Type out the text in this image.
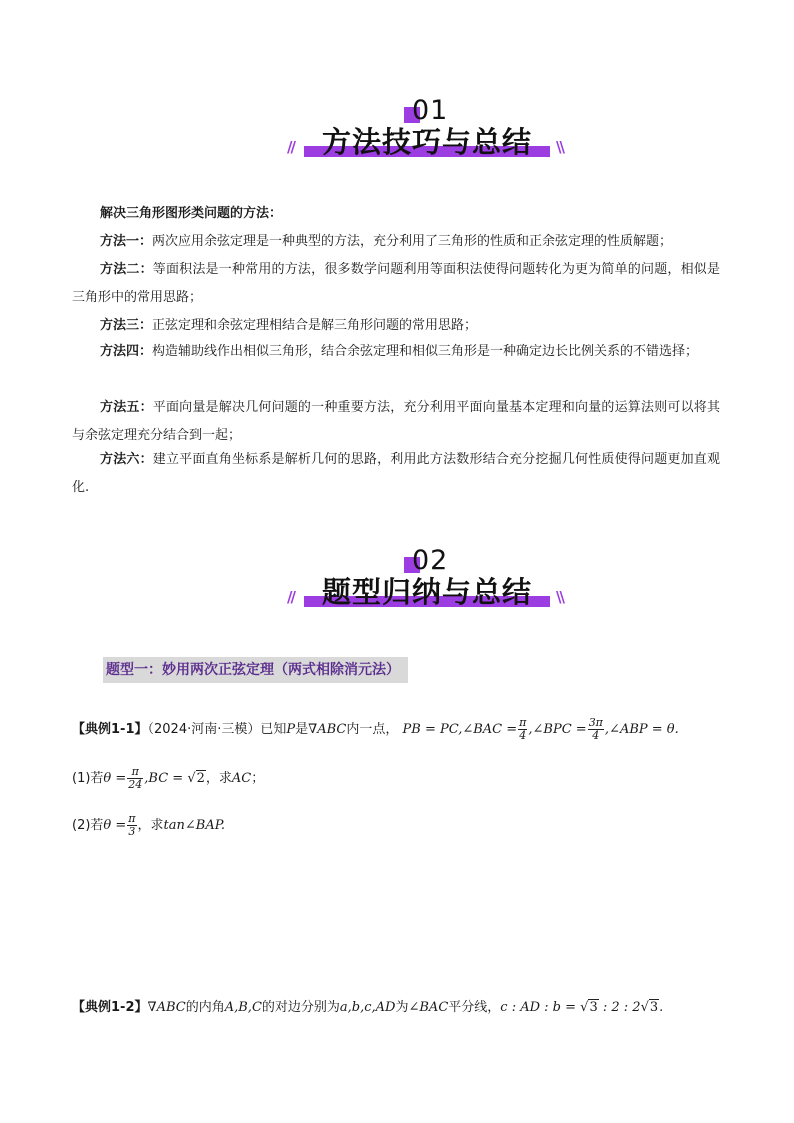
01
// 方法技巧与总结	\\
解决三角形图形类问题的方法：
方法一：两次应用余弦定理是一种典型的方法，充分利用了三角形的性质和正余弦定理的性质解题；
方法二：等面积法是一种常用的方法，很多数学问题利用等面积法使得问题转化为更为简单的问题，相似是三角形中的常用思路；
方法三：正弦定理和余弦定理相结合是解三角形问题的常用思路；
方法四：构造辅助线作出相似三角形，结合余弦定理和相似三角形是一种确定边长比例关系的不错选择；
方法五：平面向量是解决几何问题的一种重要方法，充分利用平面向量基本定理和向量的运算法则可以将其与余弦定理充分结合到一起；
方法六：建立平面直角坐标系是解析几何的思路，利用此方法数形结合充分挖掘几何性质使得问题更加直观化.
02
// 题型归纳与总结	\\
题型一：妙用两次正弦定理（两式相除消元法）
【典例1-1】（2024·河南·三模）已知P是∇ABC内一点， PB = PC,∠BAC = $\frac{\pi}{4}$ ,∠BPC = $\frac{3\pi}{4}$ ,∠ABP = θ.
(1)若$\theta = \frac{\pi}{24} ,BC = √2$，求AC；
(2)若$\theta = \frac{\pi}{3}$ ，求tan∠BAP.
【典例1-2】∇ABC的内角A,B,C的对边分别为a,b,c,AD为∠BAC平分线，c : AD : b = √3 : 2 : 2√3.
